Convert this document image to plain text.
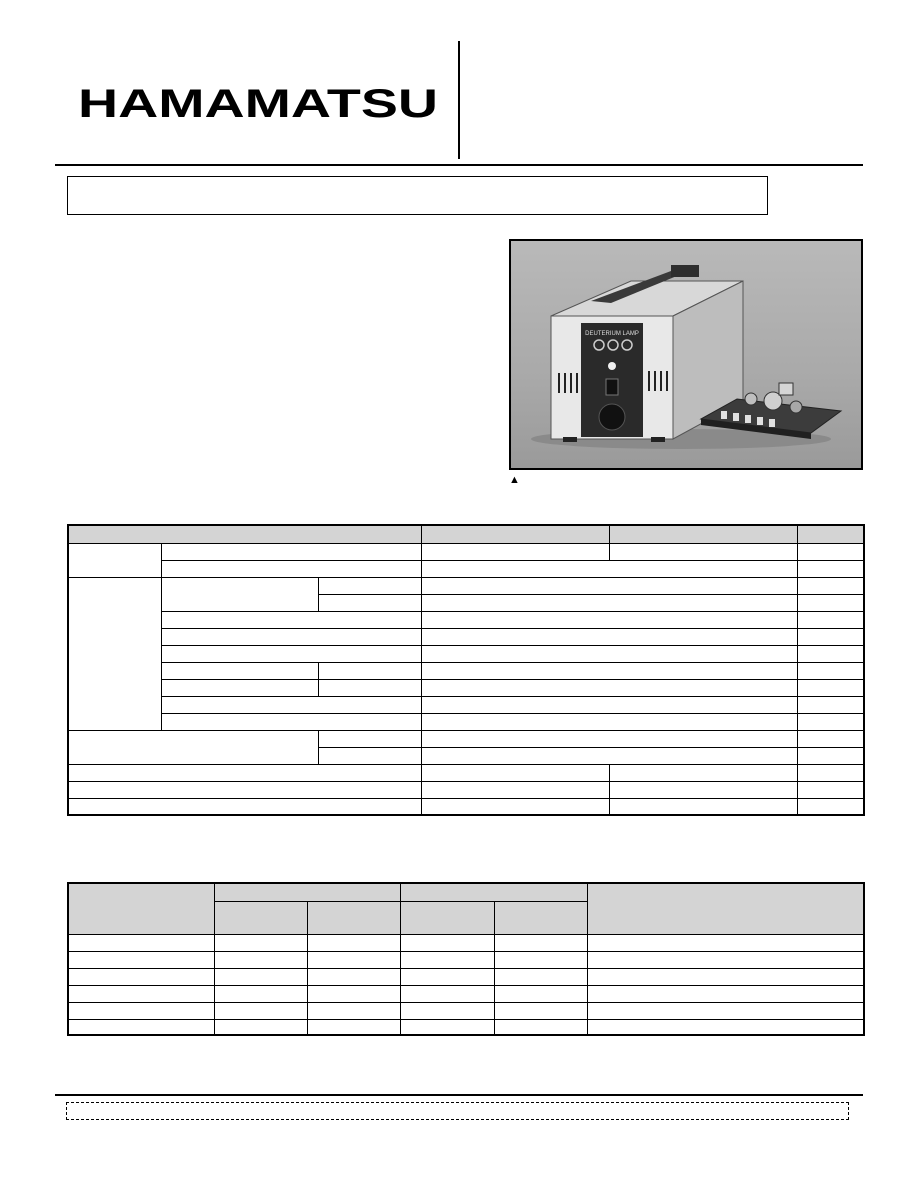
HAMAMATSU
DEUTERIUM LAMP
▲
